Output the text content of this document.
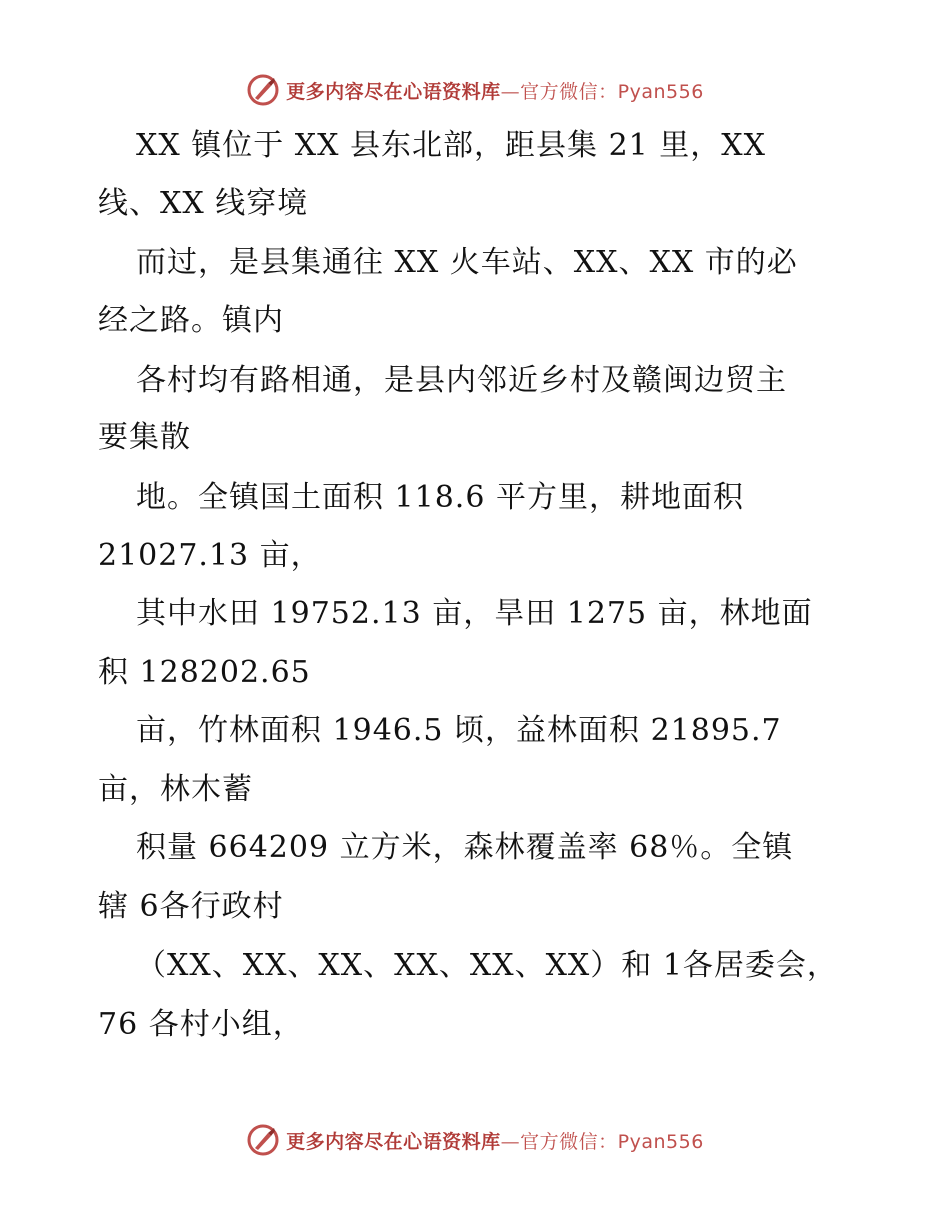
更多内容尽在心语资料库—官方微信：Pyan556
XX 镇位于 XX 县东北部，距县集 21 里，XX
线、XX 线穿境
而过，是县集通往 XX 火车站、XX、XX 市的必
经之路。镇内
各村均有路相通，是县内邻近乡村及赣闽边贸主
要集散
地。全镇国土面积 118.6 平方里，耕地面积
21027.13 亩，
其中水田 19752.13 亩，旱田 1275 亩，林地面
积 128202.65
亩，竹林面积 1946.5 顷，益林面积 21895.7
亩，林木蓄
积量 664209 立方米，森林覆盖率 68％。全镇
辖 6各行政村
（XX、XX、XX、XX、XX、XX）和 1各居委会，
76 各村小组，
更多内容尽在心语资料库—官方微信：Pyan556
